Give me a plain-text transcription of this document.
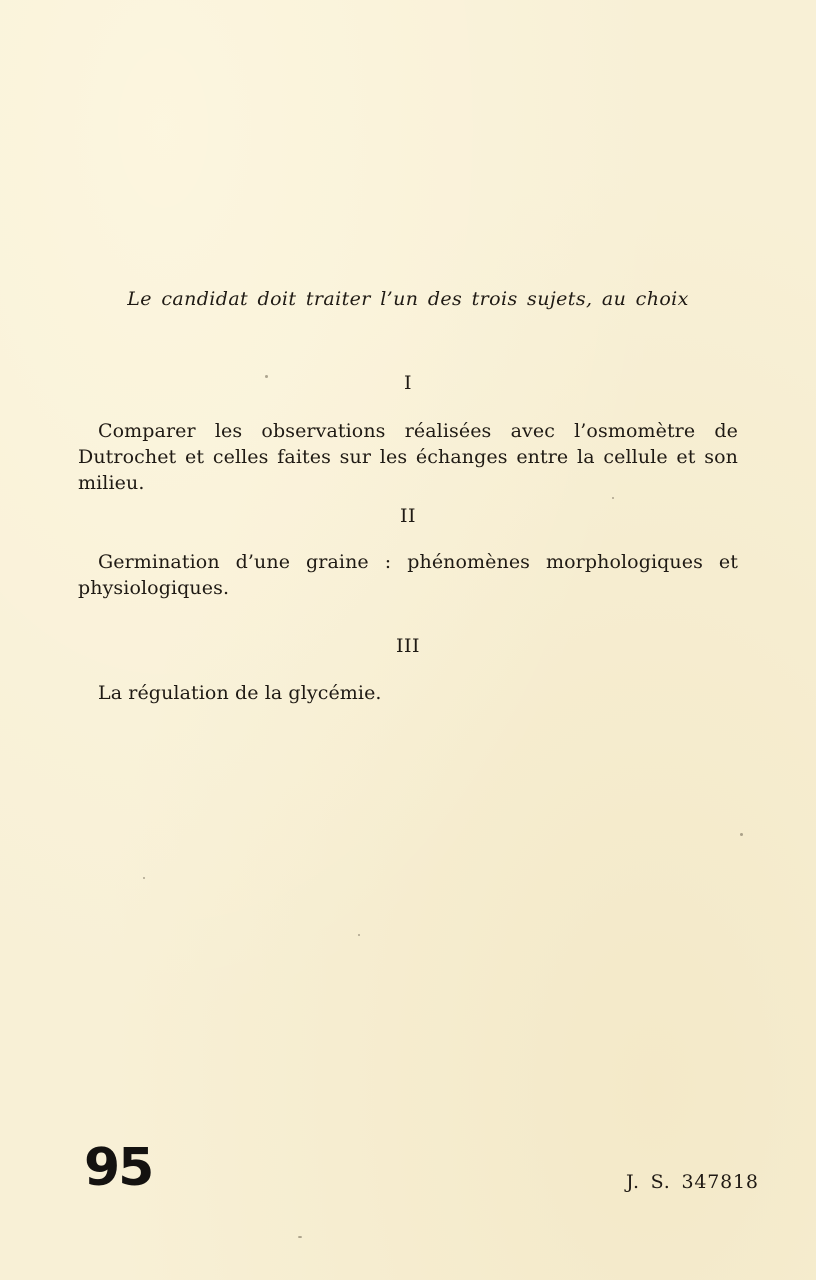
Le candidat doit traiter l’un des trois sujets, au choix
I
Comparer les observations réalisées avec l’osmomètre de Dutrochet et celles faites sur les échanges entre la cellule et son milieu.
II
Germination d’une graine : phénomènes morphologiques et physiologiques.
III
La régulation de la glycémie.
95	J. S. 347818
